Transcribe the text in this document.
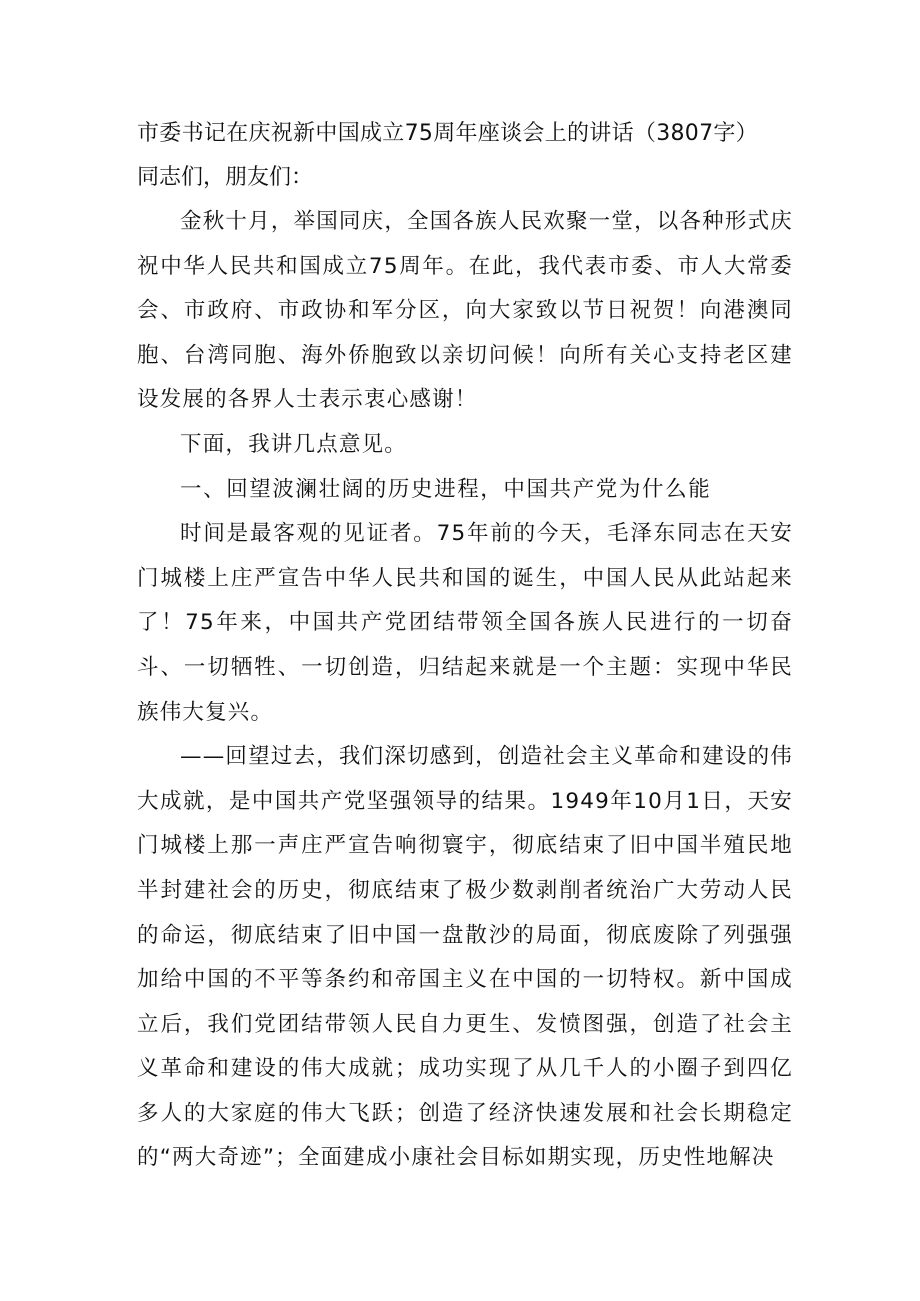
市委书记在庆祝新中国成立75周年座谈会上的讲话（3807字）

同志们，朋友们：

金秋十月，举国同庆，全国各族人民欢聚一堂，以各种形式庆祝中华人民共和国成立75周年。在此，我代表市委、市人大常委会、市政府、市政协和军分区，向大家致以节日祝贺！向港澳同胞、台湾同胞、海外侨胞致以亲切问候！向所有关心支持老区建设发展的各界人士表示衷心感谢！

下面，我讲几点意见。

一、回望波澜壮阔的历史进程，中国共产党为什么能

时间是最客观的见证者。75年前的今天，毛泽东同志在天安门城楼上庄严宣告中华人民共和国的诞生，中国人民从此站起来了！75年来，中国共产党团结带领全国各族人民进行的一切奋斗、一切牺牲、一切创造，归结起来就是一个主题：实现中华民族伟大复兴。

——回望过去，我们深切感到，创造社会主义革命和建设的伟大成就，是中国共产党坚强领导的结果。1949年10月1日，天安门城楼上那一声庄严宣告响彻寰宇，彻底结束了旧中国半殖民地半封建社会的历史，彻底结束了极少数剥削者统治广大劳动人民的命运，彻底结束了旧中国一盘散沙的局面，彻底废除了列强强加给中国的不平等条约和帝国主义在中国的一切特权。新中国成立后，我们党团结带领人民自力更生、发愤图强，创造了社会主义革命和建设的伟大成就；成功实现了从几千人的小圈子到四亿多人的大家庭的伟大飞跃；创造了经济快速发展和社会长期稳定的“两大奇迹”；全面建成小康社会目标如期实现，历史性地解决
